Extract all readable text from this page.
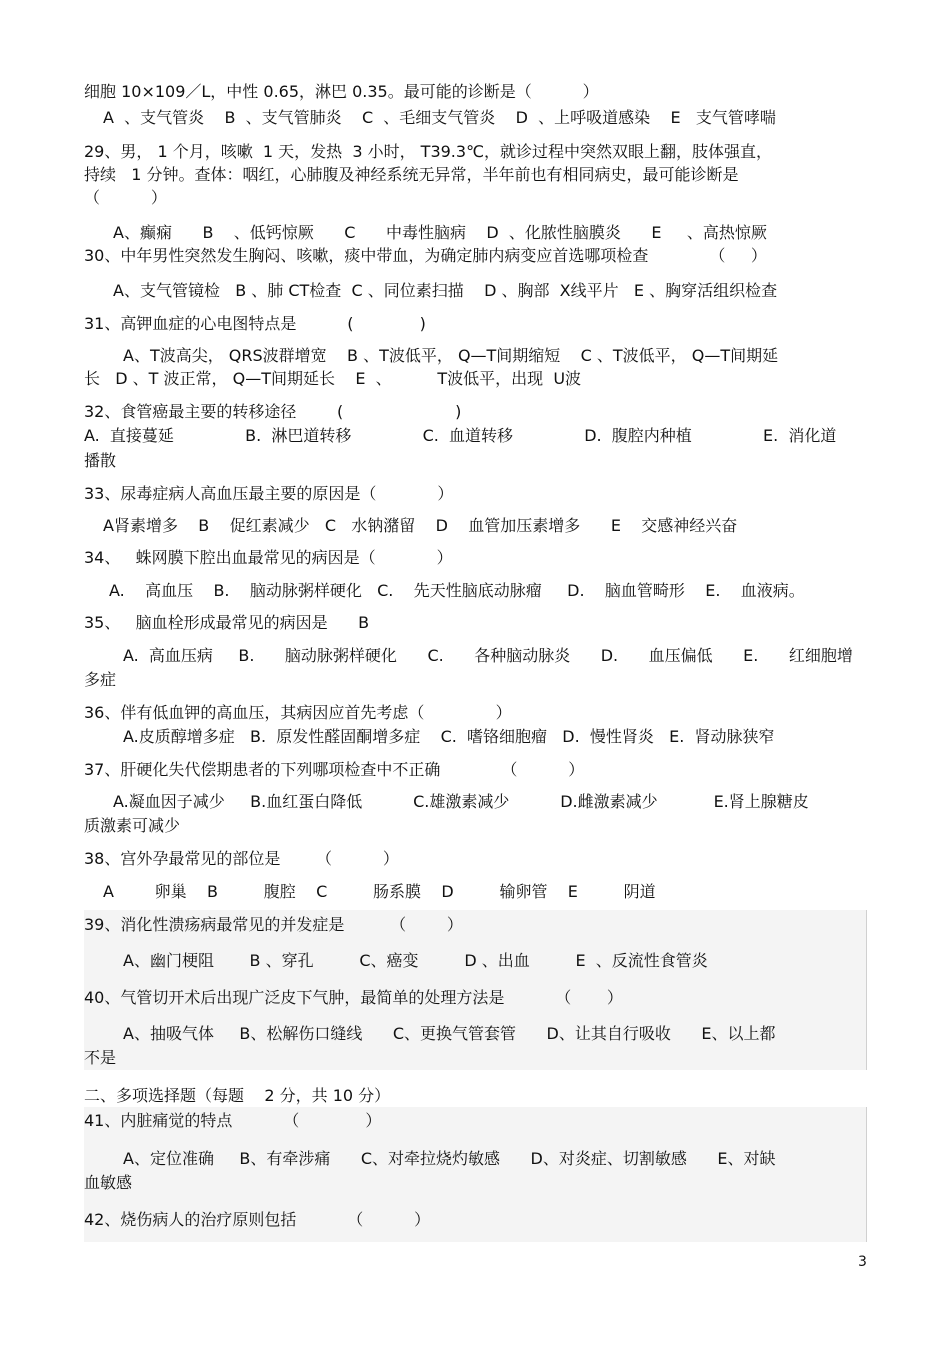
细胞 10×109／L，中性 0.65，淋巴 0.35。最可能的诊断是（          ）
A  、支气管炎    B  、支气管肺炎    C  、毛细支气管炎    D  、上呼吸道感染    E   支气管哮喘
29、男， 1 个月，咳嗽  1 天，发热  3 小时， T39.3℃，就诊过程中突然双眼上翻，肢体强直，
持续   1 分钟。查体：咽红，心肺腹及神经系统无异常，半年前也有相同病史，最可能诊断是
（          ）
A、癫痫      B    、低钙惊厥      C      中毒性脑病    D  、化脓性脑膜炎      E     、高热惊厥
30、中年男性突然发生胸闷、咳嗽，痰中带血，为确定肺内病变应首选哪项检查            （     ）
A、支气管镜检   B 、肺 CT检查  C 、同位素扫描    D 、胸部  X线平片   E 、胸穿活组织检查
31、高钾血症的心电图特点是          (             )
A、T波高尖， QRS波群增宽    B 、T波低平， Q—T间期缩短    C 、T波低平， Q—T间期延
长   D 、T 波正常， Q—T间期延长    E  、         T波低平，出现  U波
32、食管癌最主要的转移途径        (                      )
A.  直接蔓延              B.  淋巴道转移              C.  血道转移              D.  腹腔内种植              E.  消化道
播散
33、尿毒症病人高血压最主要的原因是（            ）
A肾素增多    B    促红素减少   C   水钠潴留    D    血管加压素增多      E    交感神经兴奋
34、   蛛网膜下腔出血最常见的病因是（            ）
A.    高血压    B.    脑动脉粥样硬化   C.    先天性脑底动脉瘤     D.    脑血管畸形    E.    血液病。
35、   脑血栓形成最常见的病因是      B
A.  高血压病     B.      脑动脉粥样硬化      C.      各种脑动脉炎      D.      血压偏低      E.      红细胞增
多症
36、伴有低血钾的高血压，其病因应首先考虑（              ）
A.皮质醇增多症   B.  原发性醛固酮增多症    C.  嗜铬细胞瘤   D.  慢性肾炎   E.  肾动脉狭窄
37、肝硬化失代偿期患者的下列哪项检查中不正确            （          ）
A.凝血因子减少     B.血红蛋白降低          C.雄激素减少          D.雌激素减少           E.肾上腺糖皮
质激素可减少
38、宫外孕最常见的部位是       （          ）
A        卵巢    B         腹腔    C         肠系膜    D         输卵管    E         阴道
39、消化性溃疡病最常见的并发症是         （        ）
A、幽门梗阻       B 、穿孔         C、癌变         D 、出血         E  、反流性食管炎
40、气管切开术后出现广泛皮下气肿，最简单的处理方法是          （       ）
A、抽吸气体     B、松解伤口缝线      C、更换气管套管      D、让其自行吸收      E、以上都
不是
二、多项选择题（每题    2 分，共 10 分）
41、内脏痛觉的特点          （             ）
A、定位准确     B、有牵涉痛      C、对牵拉烧灼敏感      D、对炎症、切割敏感      E、对缺
血敏感
42、烧伤病人的治疗原则包括          （          ）
3
